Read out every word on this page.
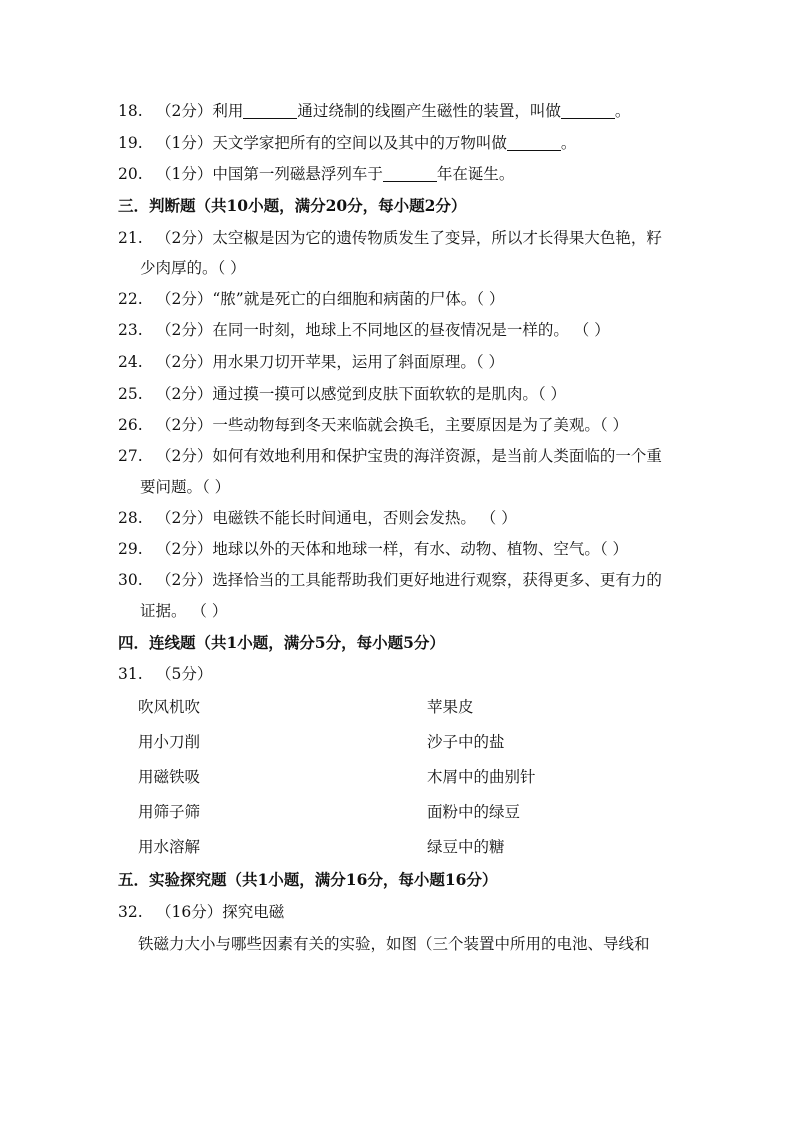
18. （2分）利用	通过绕制的线圈产生磁性的装置，叫做	。
19. （1分）天文学家把所有的空间以及其中的万物叫做	。
20. （1分）中国第一列磁悬浮列车于	年在诞生。
三．判断题（共10小题，满分20分，每小题2分）
21. （2分）太空椒是因为它的遗传物质发生了变异，所以才长得果大色艳，籽
少肉厚的。（ ）
22. （2分）“脓”就是死亡的白细胞和病菌的尸体。（ ）
23. （2分）在同一时刻，地球上不同地区的昼夜情况是一样的。 （ ）
24. （2分）用水果刀切开苹果，运用了斜面原理。（ ）
25. （2分）通过摸一摸可以感觉到皮肤下面软软的是肌肉。（ ）
26. （2分）一些动物每到冬天来临就会换毛，主要原因是为了美观。（ ）
27. （2分）如何有效地利用和保护宝贵的海洋资源，是当前人类面临的一个重
要问题。（ ）
28. （2分）电磁铁不能长时间通电，否则会发热。 （ ）
29. （2分）地球以外的天体和地球一样，有水、动物、植物、空气。（ ）
30. （2分）选择恰当的工具能帮助我们更好地进行观察，获得更多、更有力的
证据。 （ ）
四．连线题（共1小题，满分5分，每小题5分）
31. （5分）
吹风机吹	苹果皮
用小刀削	沙子中的盐
用磁铁吸	木屑中的曲别针
用筛子筛	面粉中的绿豆
用水溶解	绿豆中的糖
五．实验探究题（共1小题，满分16分，每小题16分）
32. （16分）探究电磁
铁磁力大小与哪些因素有关的实验，如图（三个装置中所用的电池、导线和
